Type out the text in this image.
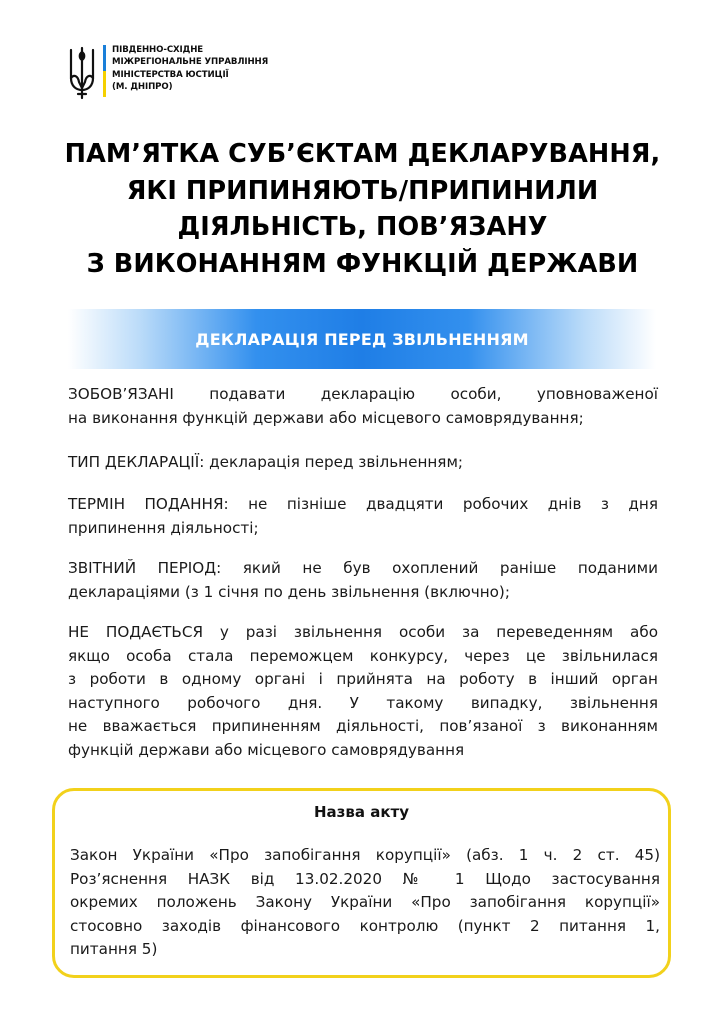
ПІВДЕННО-СХІДНЕ
МІЖРЕГІОНАЛЬНЕ УПРАВЛІННЯ
МІНІСТЕРСТВА ЮСТИЦІЇ
(М. ДНІПРО)
ПАМ’ЯТКА СУБ’ЄКТАМ ДЕКЛАРУВАННЯ,
ЯКІ ПРИПИНЯЮТЬ/ПРИПИНИЛИ
ДІЯЛЬНІСТЬ, ПОВ’ЯЗАНУ
З ВИКОНАННЯМ ФУНКЦІЙ ДЕРЖАВИ
ДЕКЛАРАЦІЯ ПЕРЕД ЗВІЛЬНЕННЯМ
ЗОБОВ’ЯЗАНІ подавати декларацію особи, уповноваженої
на виконання функцій держави або місцевого самоврядування;
ТИП ДЕКЛАРАЦІЇ: декларація перед звільненням;
ТЕРМІН ПОДАННЯ: не пізніше двадцяти робочих днів з дня
припинення діяльності;
ЗВІТНИЙ ПЕРІОД: який не був охоплений раніше поданими
деклараціями (з 1 січня по день звільнення (включно);
НЕ ПОДАЄТЬСЯ у разі звільнення особи за переведенням або
якщо особа стала переможцем конкурсу, через це звільнилася
з роботи в одному органі і прийнята на роботу в інший орган
наступного робочого дня. У такому випадку, звільнення
не вважається припиненням діяльності, пов’язаної з виконанням
функцій держави або місцевого самоврядування
Назва акту
Закон України «Про запобігання корупції» (абз. 1 ч. 2 ст. 45)
Роз’яснення НАЗК від 13.02.2020 № 1 Щодо застосування
окремих положень Закону України «Про запобігання корупції»
стосовно заходів фінансового контролю (пункт 2 питання 1,
питання 5)
